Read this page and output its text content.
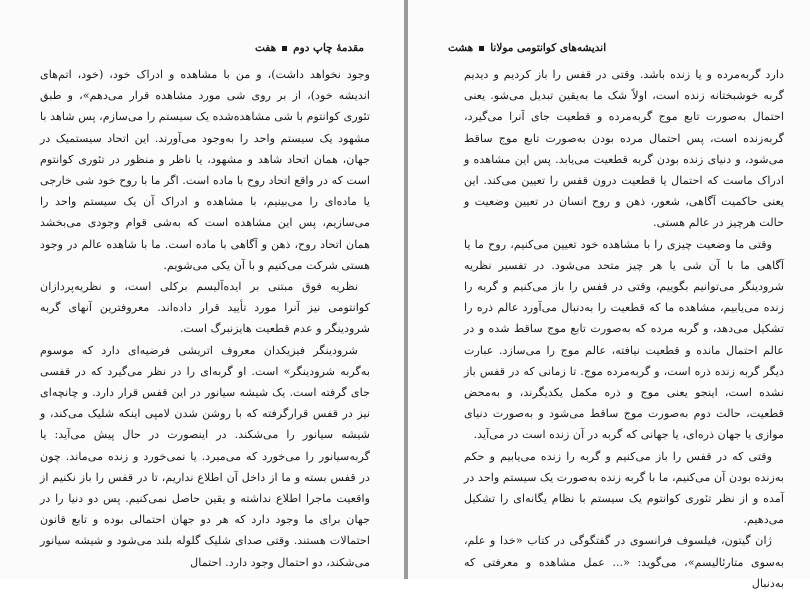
مقدمهٔ چاپ دوم
هفت

وجود نخواهد داشت)، و من با مشاهده و ادراک خود، (خود، اتم‌های اندیشه خود)، از بر روی شی مورد مشاهده قرار می‌دهم»، و طبق تئوری کوانتوم با شی مشاهده‌شده یک سیستم را می‌سازم، پس شاهد با مشهود یک سیستم واحد را به‌وجود می‌آورند. این اتحاد سیستمیک در جهان، همان اتحاد شاهد و مشهود، یا ناظر و منظور در تئوری کوانتوم است که در واقع اتحاد روح با ماده است. اگر ما با روح خود شی خارجی یا ماده‌ای را می‌بینیم، با مشاهده و ادراک آن یک سیستم واحد را می‌سازیم، پس این مشاهده است که به‌شی قوام وجودی می‌بخشد همان اتحاد روح، ذهن و آگاهی با ماده است. ما با شاهده عالم در وجود هستی شرکت می‌کنیم و با آن یکی می‌شویم.

نظریه فوق مبتنی بر ایده‌آلیسم برکلی است، و نظریه‌پردازان کوانتومی نیز آنرا مورد تأیید قرار داده‌اند. معروفترین آنهای گربه شرودینگر و عدم قطعیت هایزنبرگ است.

شرودینگر فیزیکدان معروف اتریشی فرضیه‌ای دارد که موسوم به‌گربه شرودینگر» است. او گربه‌ای را در نظر می‌گیرد که در قفسی جای گرفته است. یک شیشه سیانور در این قفس قرار دارد. و چانچه‌ای نیز در قفس قرارگرفته که با روشن شدن لامپی اینکه شلیک می‌کند، و شیشه سیانور را می‌شکند. در اینصورت در حال پیش می‌آید: یا گربه‌سیانور را می‌خورد که می‌میرد. یا نمی‌خورد و زنده می‌ماند. چون در قفس بسته و ما از داخل آن اطلاع نداریم، تا در قفس را باز نکنیم از واقعیت ماجرا اطلاع نداشته و یقین حاصل نمی‌کنیم. پس دو دنیا را در جهان برای ما وجود دارد که هر دو جهان احتمالی بوده و تابع قانون احتمالات هستند. وقتی صدای شلیک گلوله بلند می‌شود و شیشه سیانور می‌شکند، دو احتمال وجود دارد. احتمال

اندیشه‌های کوانتومی مولانا
هشت

دارد گربه‌مرده و یا زنده باشد. وقتی در قفس را باز کردیم و دیدیم گربه خوشبختانه زنده است، اولاً شک ما به‌یقین تبدیل می‌شو. یعنی احتمال به‌صورت تابع موج گربه‌مرده و قطعیت جای آنرا می‌گیرد، گربه‌زنده است، پس احتمال مرده بودن به‌صورت تابع موج ساقط می‌شود، و دنیای زنده بودن گربه قطعیت می‌یابد. پس این مشاهده و ادراک ماست که احتمال یا قطعیت درون قفس را تعیین می‌کند. این یعنی حاکمیت آگاهی، شعور، ذهن و روح انسان در تعیین وضعیت و حالت هرچیز در عالم هستی.

وقتی ما وضعیت چیزی را با مشاهده خود تعیین می‌کنیم، روح ما یا آگاهی ما با آن شی یا هر چیز متحد می‌شود. در تفسیر نظریه شرودینگر می‌توانیم بگوییم، وقتی در قفس را باز می‌کنیم و گربه را زنده می‌یابیم، مشاهده ما که قطعیت را به‌دنبال می‌آورد عالم ذره را تشکیل می‌دهد، و گربه مرده که به‌صورت تابع موج ساقط شده و در عالم احتمال مانده و قطعیت نیافته، عالم موج را می‌سازد. عبارت دیگر گربه زنده ذره است، و گربه‌مرده موج. تا زمانی که در قفس باز نشده است، اینجو یعنی موج و ذره مکمل یکدیگرند، و به‌محض قطعیت، حالت دوم به‌صورت موج ساقط می‌شود و به‌صورت دنیای موازی یا جهان ذره‌ای، یا جهانی که گربه در آن زنده است در می‌آید.

وقتی که در قفس را باز می‌کنیم و گربه را زنده می‌یابیم و حکم به‌زنده بودن آن می‌کنیم، ما با گربه زنده به‌صورت یک سیستم واحد در آمده و از نظر تئوری کوانتوم یک سیستم با نظام یگانه‌ای را تشکیل می‌دهیم.

ژان گیتون، فیلسوف فرانسوی در گفتگوگی در کتاب «خدا و علم، به‌سوی متارئالیسم»، می‌گوید: «... عمل مشاهده و معرفتی که به‌دنبال
